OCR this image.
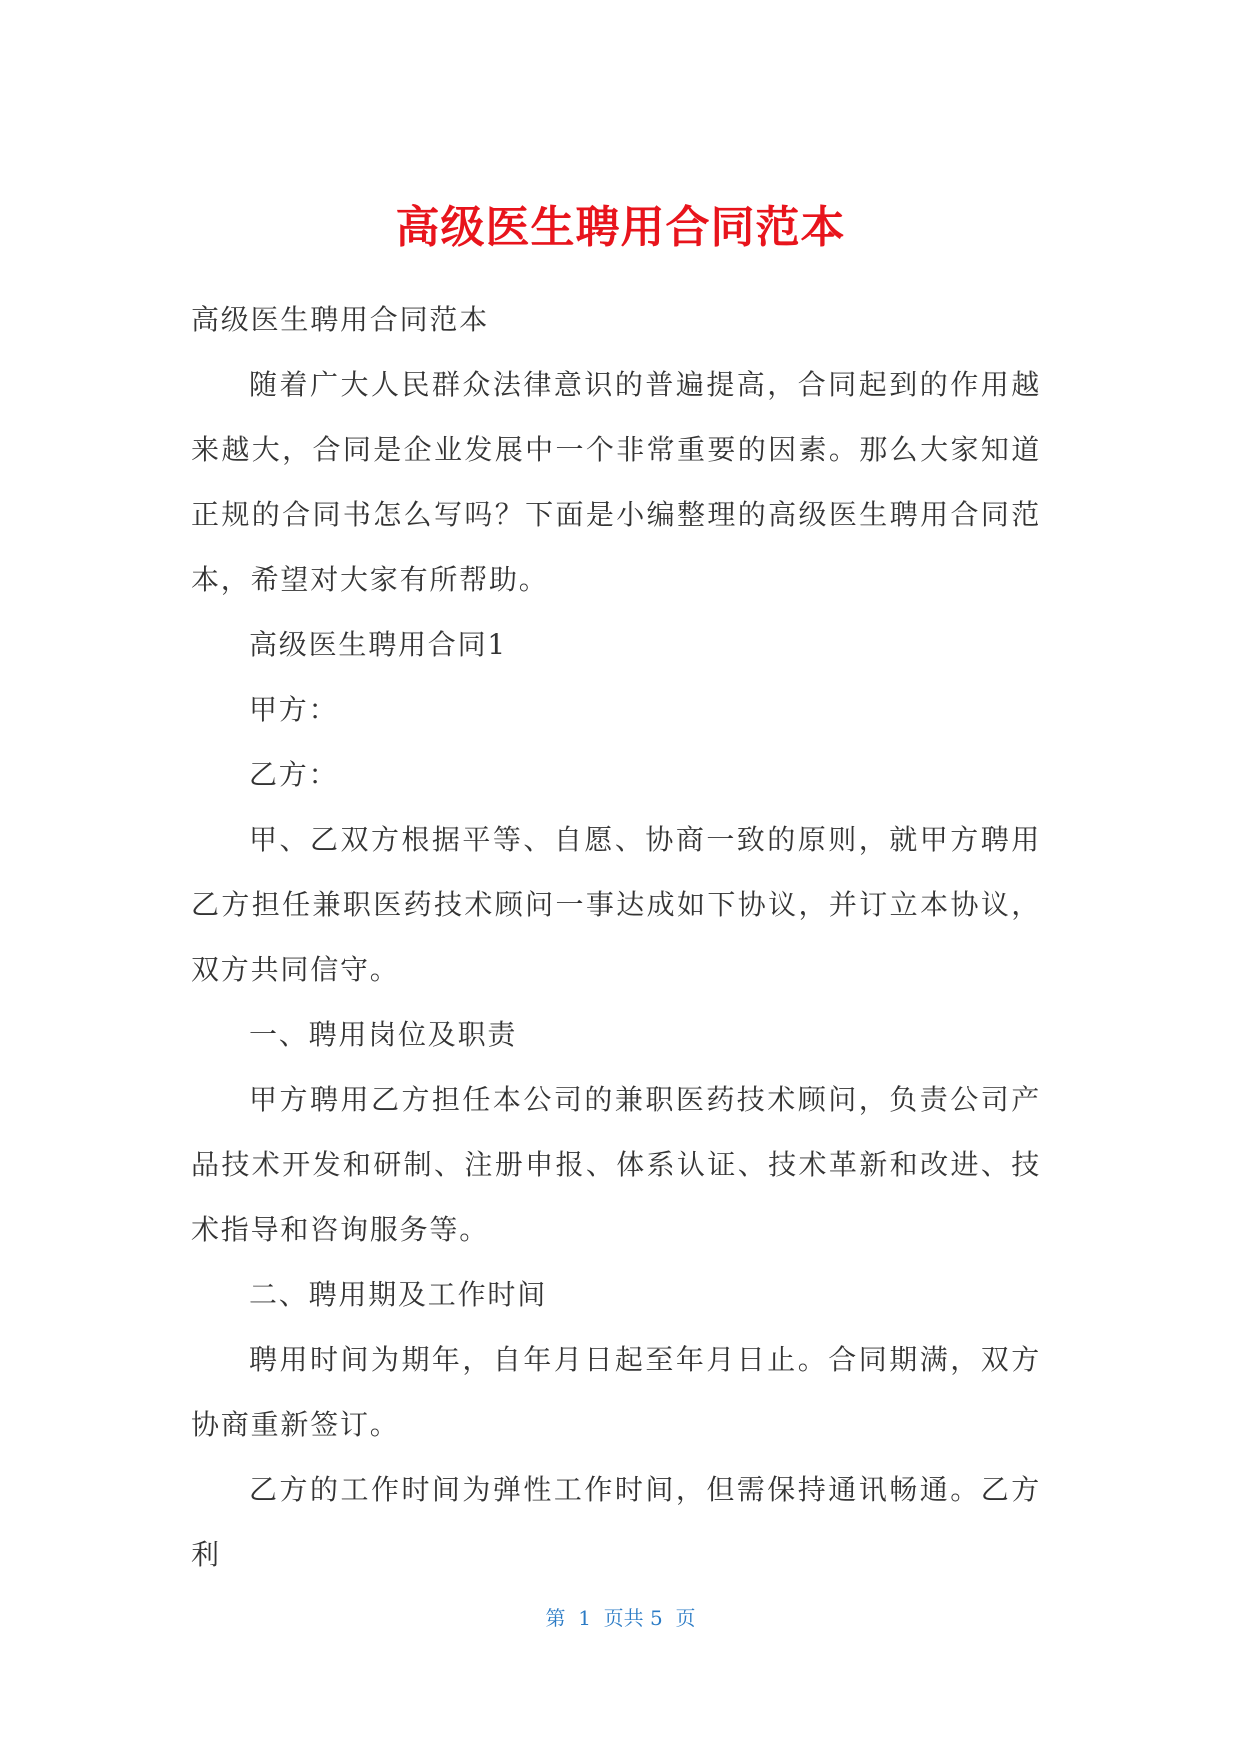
高级医生聘用合同范本

高级医生聘用合同范本

随着广大人民群众法律意识的普遍提高，合同起到的作用越来越大，合同是企业发展中一个非常重要的因素。那么大家知道正规的合同书怎么写吗？下面是小编整理的高级医生聘用合同范本，希望对大家有所帮助。

高级医生聘用合同1

甲方：

乙方：

甲、乙双方根据平等、自愿、协商一致的原则，就甲方聘用乙方担任兼职医药技术顾问一事达成如下协议，并订立本协议，双方共同信守。

一、聘用岗位及职责

甲方聘用乙方担任本公司的兼职医药技术顾问，负责公司产品技术开发和研制、注册申报、体系认证、技术革新和改进、技术指导和咨询服务等。

二、聘用期及工作时间

聘用时间为期年，自年月日起至年月日止。合同期满，双方协商重新签订。

乙方的工作时间为弹性工作时间，但需保持通讯畅通。乙方利

第  1  页共 5  页
